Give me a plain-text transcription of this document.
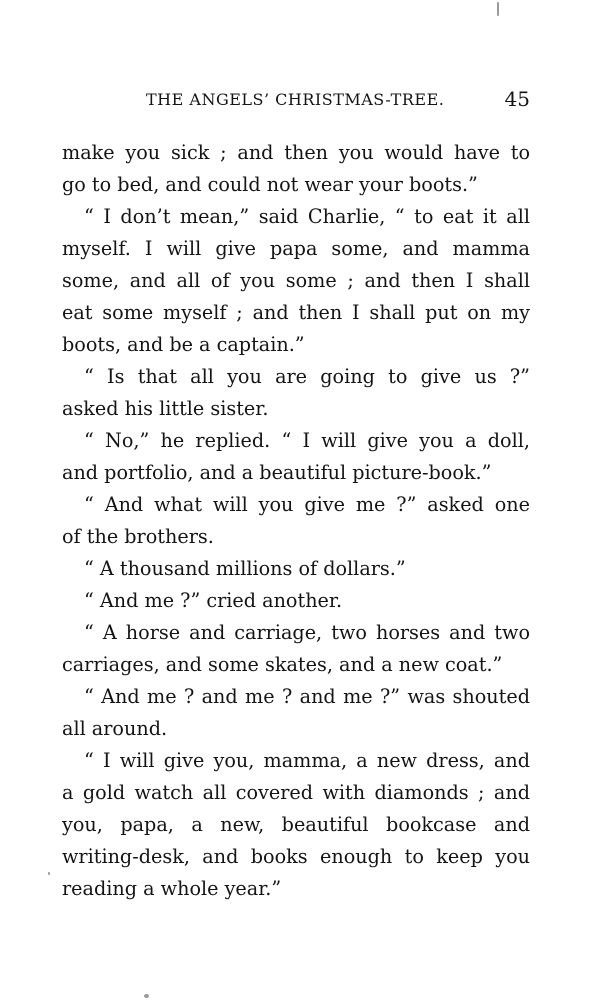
THE ANGELS’ CHRISTMAS-TREE.	45
make you sick ; and then you would have to
go to bed, and could not wear your boots.”
“ I don’t mean,” said Charlie, “ to eat it all
myself. I will give papa some, and mamma
some, and all of you some ; and then I shall
eat some myself ; and then I shall put on my
boots, and be a captain.”
“ Is that all you are going to give us ?”
asked his little sister.
“ No,” he replied. “ I will give you a doll,
and portfolio, and a beautiful picture-book.”
“ And what will you give me ?” asked one
of the brothers.
“ A thousand millions of dollars.”
“ And me ?” cried another.
“ A horse and carriage, two horses and two
carriages, and some skates, and a new coat.”
“ And me ? and me ? and me ?” was shouted
all around.
“ I will give you, mamma, a new dress, and
a gold watch all covered with diamonds ; and
you, papa, a new, beautiful bookcase and
writing-desk, and books enough to keep you
reading a whole year.”
